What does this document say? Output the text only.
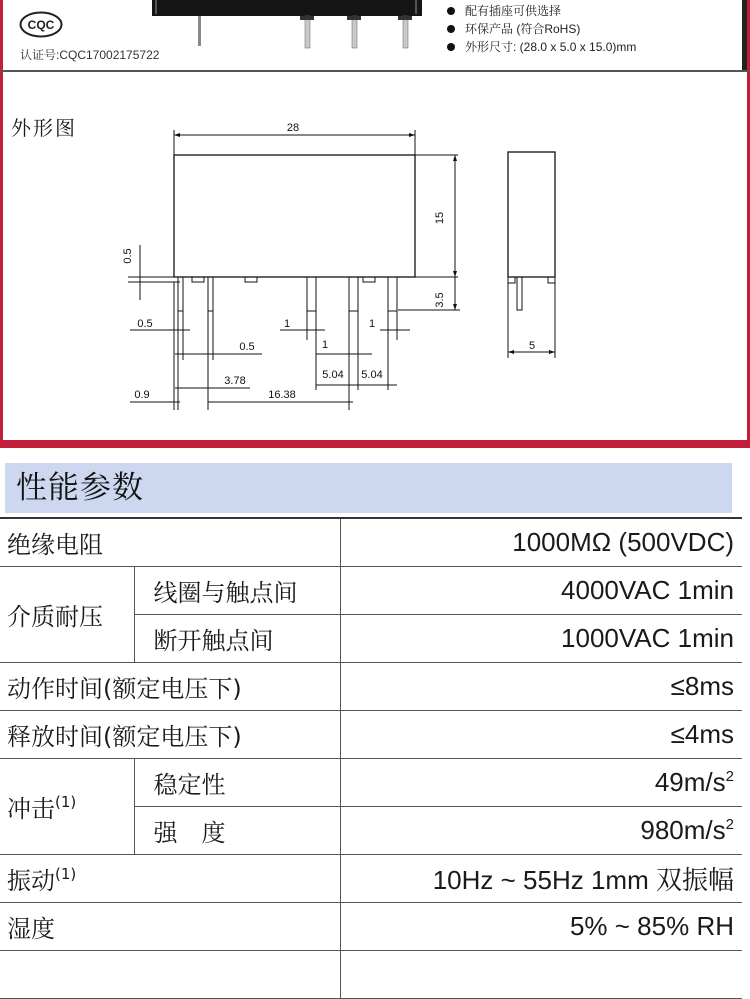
CQC
认证号:CQC17002175722
配有插座可供选择
环保产品 (符合RoHS)
外形尺寸: (28.0 x 5.0 x 15.0)mm
外形图	28
15
3.5
0.5
5
0.5
0.5
1
1
1
5.04 5.04
3.78
16.38
0.9
性能参数
绝缘电阻		1000MΩ (500VDC)
介质耐压	线圈与触点间	4000VAC 1min
	断开触点间	1000VAC 1min
动作时间(额定电压下)		≤8ms
释放时间(额定电压下)		≤4ms
冲击$^{(1)}$	稳定性	$49m/s^2$
	强　度	$980m/s^2$
振动$^{(1)}$		10Hz ~ 55Hz 1mm 双振幅
湿度		5% ~ 85% RH
